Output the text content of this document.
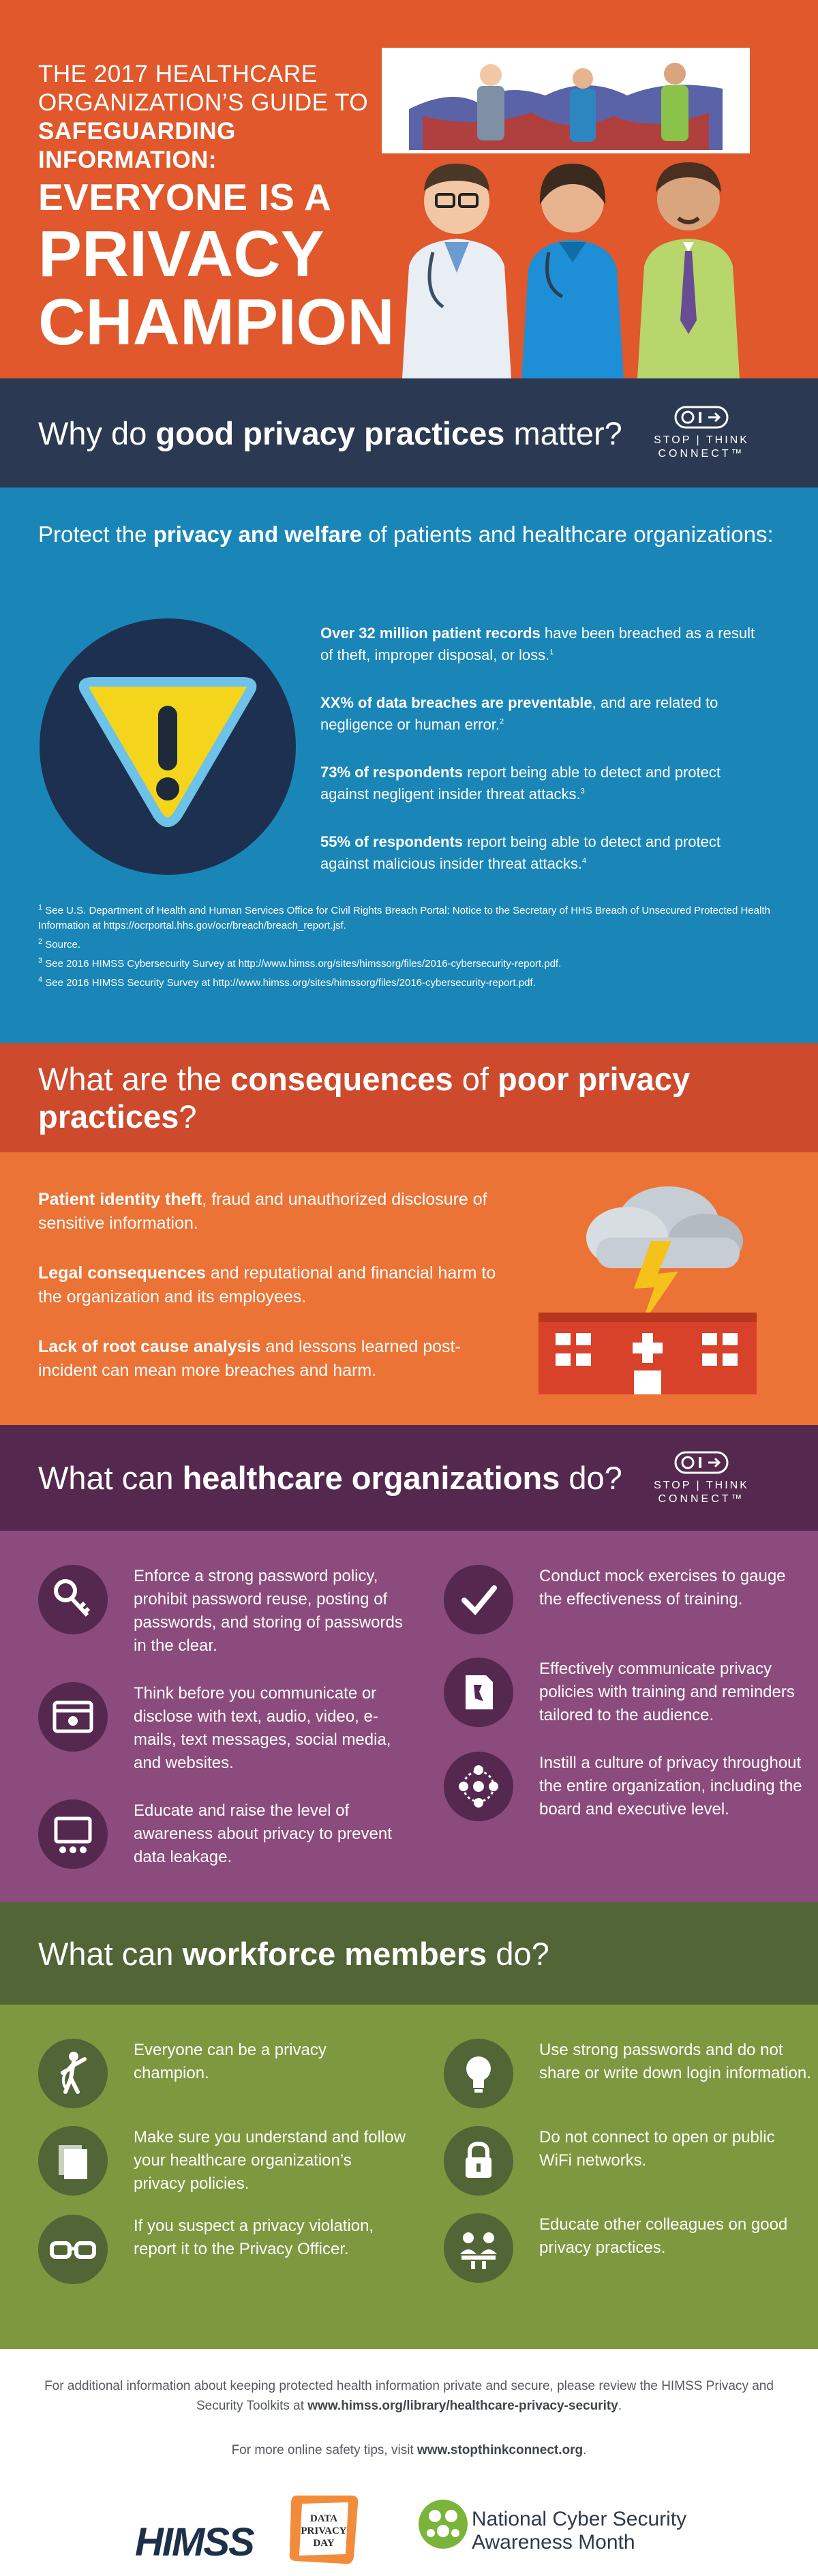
THE 2017 HEALTHCARE
ORGANIZATION’S GUIDE TO
SAFEGUARDING INFORMATION:
EVERYONE IS A
PRIVACY
CHAMPION
Why do good privacy practices matter?	STOP | THINK
CONNECT™
Protect the privacy and welfare of patients and healthcare organizations:

Over 32 million patient records have been breached as a result of theft, improper disposal, or loss.$^1$

XX% of data breaches are preventable, and are related to negligence or human error.$^2$

73% of respondents report being able to detect and protect against negligent insider threat attacks.$^3$

55% of respondents report being able to detect and protect against malicious insider threat attacks.$^4$

$^1$ See U.S. Department of Health and Human Services Office for Civil Rights Breach Portal: Notice to the Secretary of HHS Breach of Unsecured Protected Health Information at https://ocrportal.hhs.gov/ocr/breach/breach_report.jsf.

$^2$ Source.

$^3$ See 2016 HIMSS Cybersecurity Survey at http://www.himss.org/sites/himssorg/files/2016-cybersecurity-report.pdf.

$^4$ See 2016 HIMSS Security Survey at http://www.himss.org/sites/himssorg/files/2016-cybersecurity-report.pdf.

What are the consequences of poor privacy practices?

Patient identity theft, fraud and unauthorized disclosure of sensitive information.

Legal consequences and reputational and financial harm to the organization and its employees.

Lack of root cause analysis and lessons learned post-incident can mean more breaches and harm.

What can healthcare organizations do?	STOP | THINK
CONNECT™
Enforce a strong password policy, prohibit password reuse, posting of passwords, and storing of passwords in the clear.
Think before you communicate or disclose with text, audio, video, e-mails, text messages, social media, and websites.
Educate and raise the level of awareness about privacy to prevent data leakage.
Conduct mock exercises to gauge the effectiveness of training.
Effectively communicate privacy policies with training and reminders tailored to the audience.
Instill a culture of privacy throughout the entire organization, including the board and executive level.
What can workforce members do?
Everyone can be a privacy champion.
Make sure you understand and follow your healthcare organization’s privacy policies.
If you suspect a privacy violation, report it to the Privacy Officer.
Use strong passwords and do not share or write down login information.
Do not connect to open or public WiFi networks.
Educate other colleagues on good privacy practices.

For additional information about keeping protected health information private and secure, please review the HIMSS Privacy and Security Toolkits at www.himss.org/library/healthcare-privacy-security.

For more online safety tips, visit www.stopthinkconnect.org.

HIMSS
DATA
PRIVACY
DAY
National Cyber Security
Awareness Month
